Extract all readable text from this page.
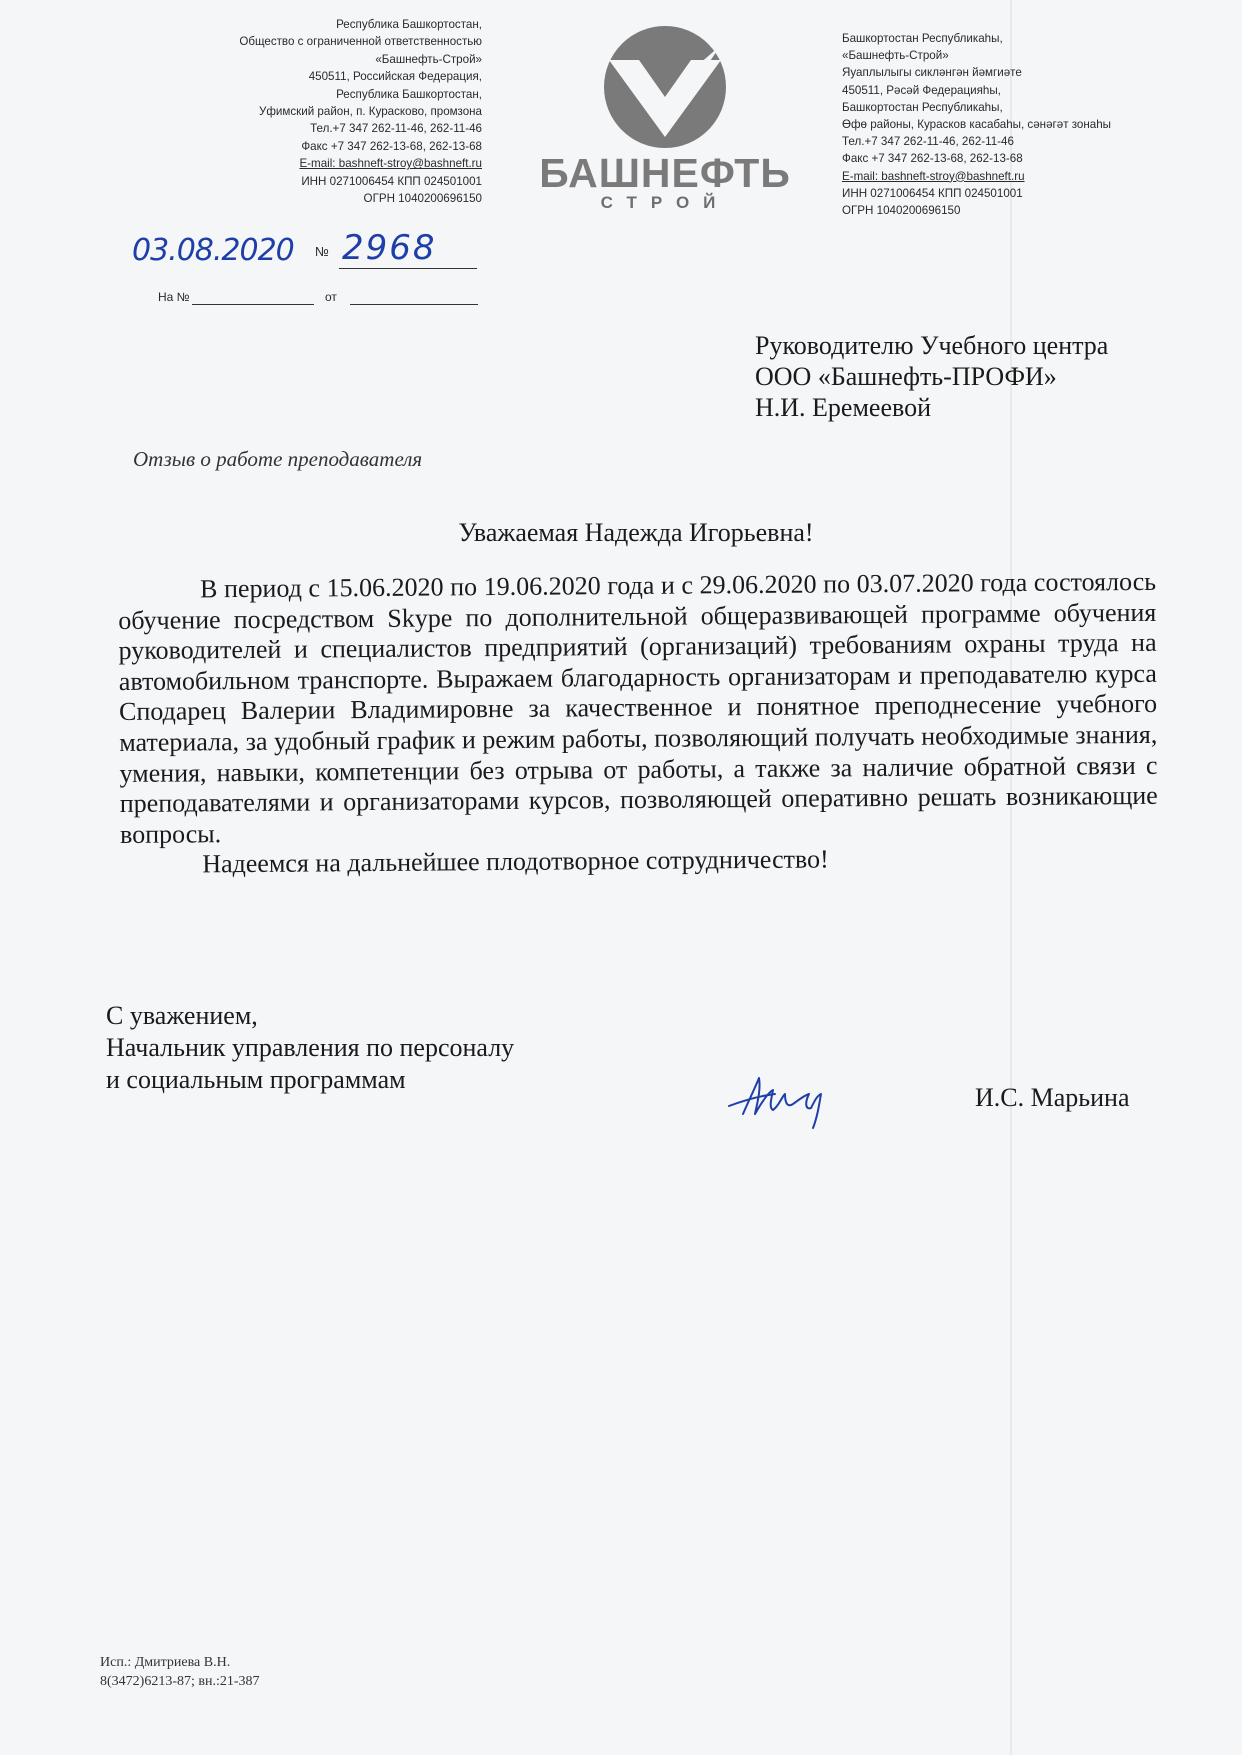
Республика Башкортостан,
Общество с ограниченной ответственностью
«Башнефть-Строй»
450511, Российская Федерация,
Республика Башкортостан,
Уфимский район, п. Курасково, промзона
Тел.+7 347 262-11-46, 262-11-46
Факс +7 347 262-13-68, 262-13-68
E-mail: bashneft-stroy@bashneft.ru
ИНН 0271006454 КПП 024501001
ОГРН 1040200696150
БАШНЕФТЬ
СТРОЙ
Башкортостан Республикаhы,
«Башнефть-Строй»
Яуаплылыгы сикләнгән йәмгиәте
450511, Рәсәй Федерацияhы,
Башкортостан Республикаhы,
Өфө районы, Курасков касабаhы, сәнәгәт зонаhы
Тел.+7 347 262-11-46, 262-11-46
Факс +7 347 262-13-68, 262-13-68
E-mail: bashneft-stroy@bashneft.ru
ИНН 0271006454 КПП 024501001
ОГРН 1040200696150
03.08.2020 № 2968
На №	от
Руководителю Учебного центра
ООО «Башнефть-ПРОФИ»
Н.И. Еремеевой
Отзыв о работе преподавателя
Уважаемая Надежда Игорьевна!

В период с 15.06.2020 по 19.06.2020 года и с 29.06.2020 по 03.07.2020 года состоялось обучение посредством Skype по дополнительной общеразвивающей программе обучения руководителей и специалистов предприятий (организаций) требованиям охраны труда на автомобильном транспорте. Выражаем благодарность организаторам и преподавателю курса Сподарец Валерии Владимировне за качественное и понятное преподнесение учебного материала, за удобный график и режим работы, позволяющий получать необходимые знания, умения, навыки, компетенции без отрыва от работы, а также за наличие обратной связи с преподавателями и организаторами курсов, позволяющей оперативно решать возникающие вопросы.

Надеемся на дальнейшее плодотворное сотрудничество!

С уважением,
Начальник управления по персоналу
и социальным программам
И.С. Марьина
Исп.: Дмитриева В.Н.
8(3472)6213-87; вн.:21-387
